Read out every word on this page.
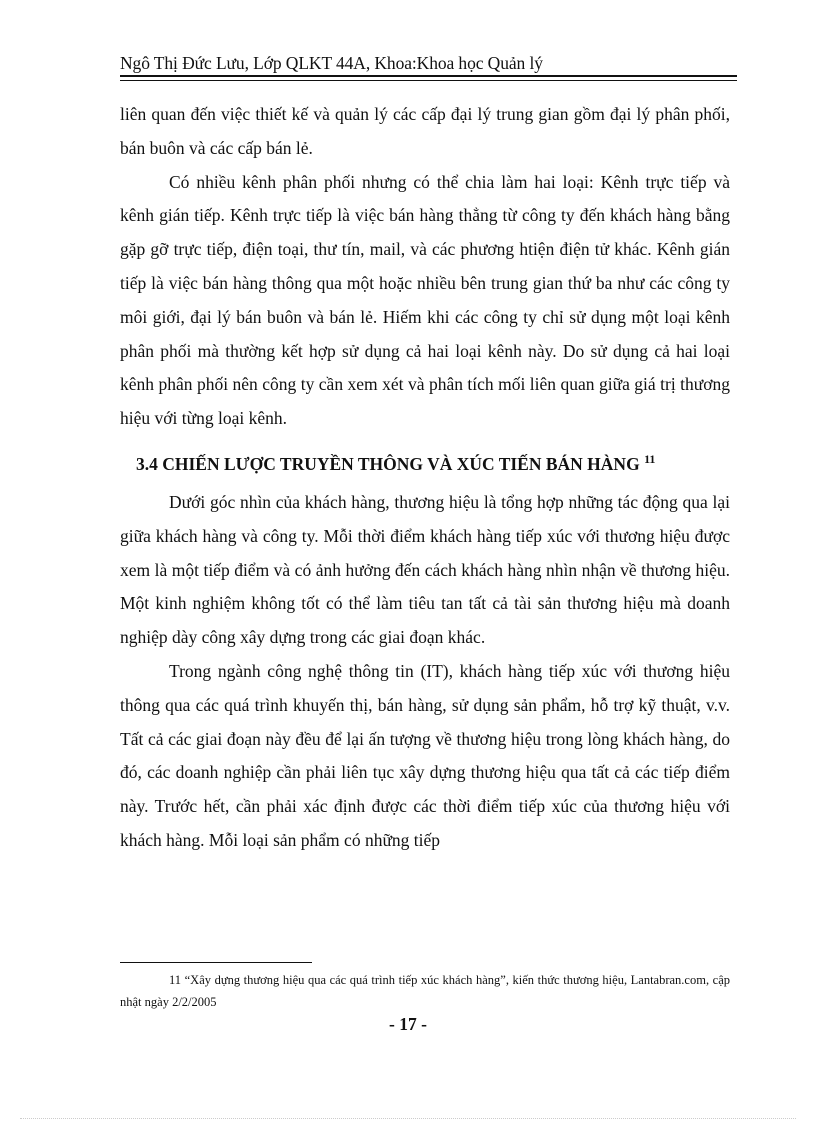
Ngô Thị Đức Lưu, Lớp QLKT 44A, Khoa:Khoa học Quản lý

liên quan đến việc thiết kế và quản lý các cấp đại lý trung gian gồm đại lý phân phối, bán buôn và các cấp bán lẻ.

Có nhiều kênh phân phối nhưng có thể chia làm hai loại: Kênh trực tiếp và kênh gián tiếp. Kênh trực tiếp là việc bán hàng thẳng từ công ty đến khách hàng bằng gặp gỡ trực tiếp, điện toại, thư tín, mail, và các phương htiện điện tử khác. Kênh gián tiếp là việc bán hàng thông qua một hoặc nhiều bên trung gian thứ ba như các công ty môi giới, đại lý bán buôn và bán lẻ. Hiếm khi các công ty chỉ sử dụng một loại kênh phân phối mà thường kết hợp sử dụng cả hai loại kênh này. Do sử dụng cả hai loại kênh phân phối nên công ty cần xem xét và phân tích mối liên quan giữa giá trị thương hiệu với từng loại kênh.

3.4 CHIẾN LƯỢC TRUYỀN THÔNG VÀ XÚC TIẾN BÁN HÀNG $^{11}$

Dưới góc nhìn của khách hàng, thương hiệu là tổng hợp những tác động qua lại giữa khách hàng và công ty. Mỗi thời điểm khách hàng tiếp xúc với thương hiệu được xem là một tiếp điểm và có ảnh hưởng đến cách khách hàng nhìn nhận về thương hiệu. Một kinh nghiệm không tốt có thể làm tiêu tan tất cả tài sản thương hiệu mà doanh nghiệp dày công xây dựng trong các giai đoạn khác.

Trong ngành công nghệ thông tin (IT), khách hàng tiếp xúc với thương hiệu thông qua các quá trình khuyến thị, bán hàng, sử dụng sản phẩm, hỗ trợ kỹ thuật, v.v. Tất cả các giai đoạn này đều để lại ấn tượng về thương hiệu trong lòng khách hàng, do đó, các doanh nghiệp cần phải liên tục xây dựng thương hiệu qua tất cả các tiếp điểm này. Trước hết, cần phải xác định được các thời điểm tiếp xúc của thương hiệu với khách hàng. Mỗi loại sản phẩm có những tiếp

11 “Xây dựng thương hiệu qua các quá trình tiếp xúc khách hàng”, kiến thức thương hiệu, Lantabran.com, cập nhật ngày 2/2/2005

- 17 -
